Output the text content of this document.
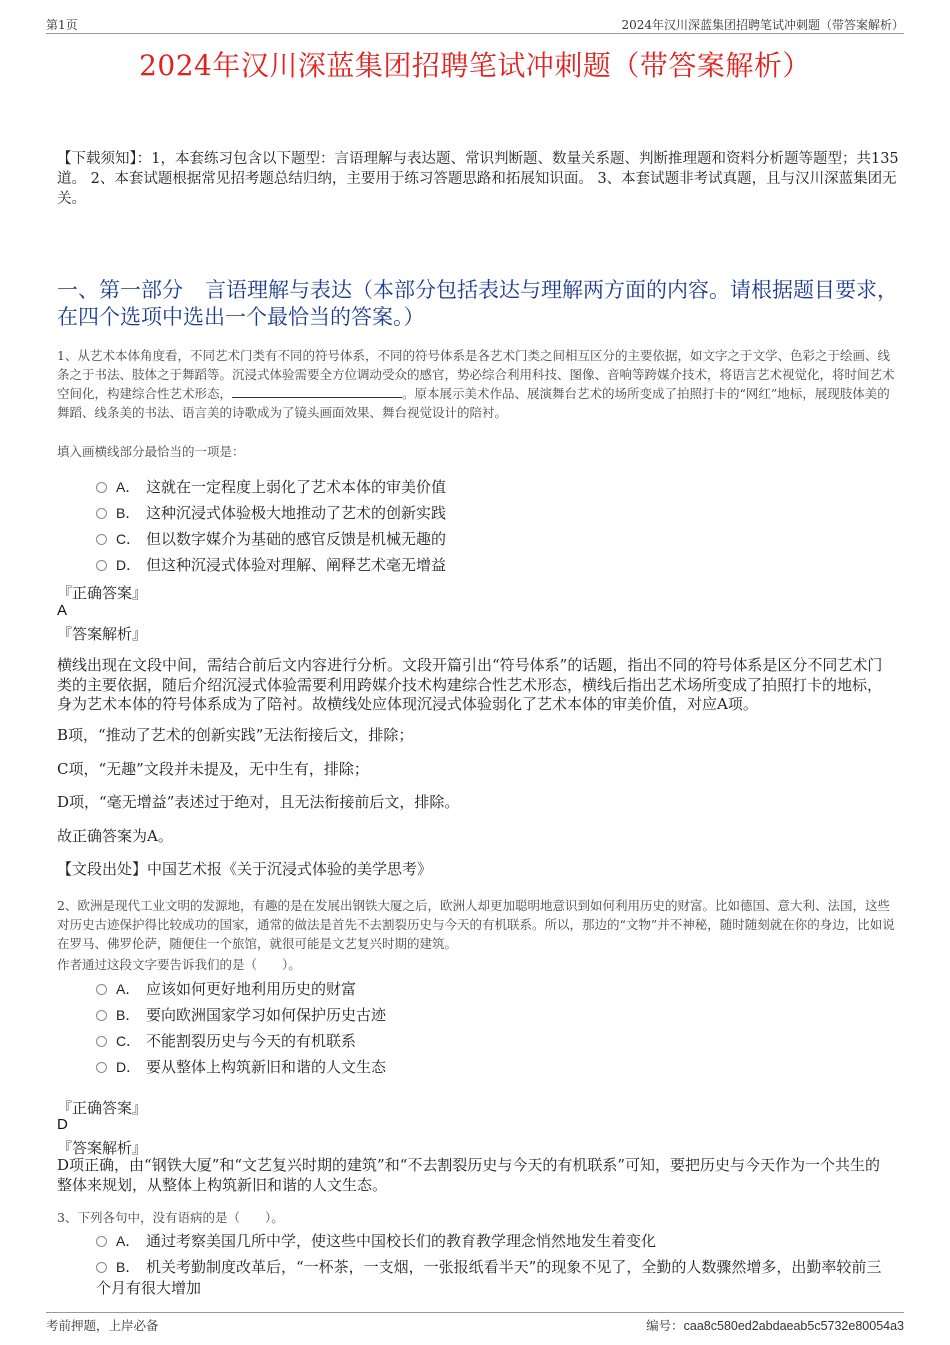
第1页	2024年汉川深蓝集团招聘笔试冲刺题（带答案解析）
2024年汉川深蓝集团招聘笔试冲刺题（带答案解析）
【下载须知】：1，本套练习包含以下题型：言语理解与表达题、常识判断题、数量关系题、判断推理题和资料分析题等题型；共135道。 2、本套试题根据常见招考题总结归纳，主要用于练习答题思路和拓展知识面。 3、本套试题非考试真题，且与汉川深蓝集团无关。
一、第一部分 言语理解与表达（本部分包括表达与理解两方面的内容。请根据题目要求，在四个选项中选出一个最恰当的答案。）
1、从艺术本体角度看，不同艺术门类有不同的符号体系，不同的符号体系是各艺术门类之间相互区分的主要依据，如文字之于文学、色彩之于绘画、线条之于书法、肢体之于舞蹈等。沉浸式体验需要全方位调动受众的感官，势必综合利用科技、图像、音响等跨媒介技术，将语言艺术视觉化，将时间艺术空间化，构建综合性艺术形态，	。原本展示美术作品、展演舞台艺术的场所变成了拍照打卡的“网红”地标，展现肢体美的舞蹈、线条美的书法、语言美的诗歌成为了镜头画面效果、舞台视觉设计的陪衬。
填入画横线部分最恰当的一项是：
A． 这就在一定程度上弱化了艺术本体的审美价值
B． 这种沉浸式体验极大地推动了艺术的创新实践
C． 但以数字媒介为基础的感官反馈是机械无趣的
D． 但这种沉浸式体验对理解、阐释艺术毫无增益
『正确答案』
A
『答案解析』
横线出现在文段中间，需结合前后文内容进行分析。文段开篇引出“符号体系”的话题，指出不同的符号体系是区分不同艺术门类的主要依据，随后介绍沉浸式体验需要利用跨媒介技术构建综合性艺术形态，横线后指出艺术场所变成了拍照打卡的地标，身为艺术本体的符号体系成为了陪衬。故横线处应体现沉浸式体验弱化了艺术本体的审美价值，对应A项。
B项，“推动了艺术的创新实践”无法衔接后文，排除；
C项，“无趣”文段并未提及，无中生有，排除；
D项，“毫无增益”表述过于绝对，且无法衔接前后文，排除。
故正确答案为A。
【文段出处】中国艺术报《关于沉浸式体验的美学思考》
2、欧洲是现代工业文明的发源地，有趣的是在发展出钢铁大厦之后，欧洲人却更加聪明地意识到如何利用历史的财富。比如德国、意大利、法国，这些对历史古迹保护得比较成功的国家，通常的做法是首先不去割裂历史与今天的有机联系。所以，那边的“文物”并不神秘，随时随刻就在你的身边，比如说在罗马、佛罗伦萨，随便住一个旅馆，就很可能是文艺复兴时期的建筑。
作者通过这段文字要告诉我们的是（　　）。
A． 应该如何更好地利用历史的财富
B． 要向欧洲国家学习如何保护历史古迹
C． 不能割裂历史与今天的有机联系
D． 要从整体上构筑新旧和谐的人文生态
『正确答案』
D
『答案解析』
D项正确，由“钢铁大厦”和“文艺复兴时期的建筑”和“不去割裂历史与今天的有机联系”可知，要把历史与今天作为一个共生的整体来规划，从整体上构筑新旧和谐的人文生态。
3、下列各句中，没有语病的是（　　）。
A． 通过考察美国几所中学，使这些中国校长们的教育教学理念悄然地发生着变化
B． 机关考勤制度改革后，“一杯茶，一支烟，一张报纸看半天”的现象不见了，全勤的人数骤然增多，出勤率较前三个月有很大增加
考前押题，上岸必备	编号：caa8c580ed2abdaeab5c5732e80054a3
